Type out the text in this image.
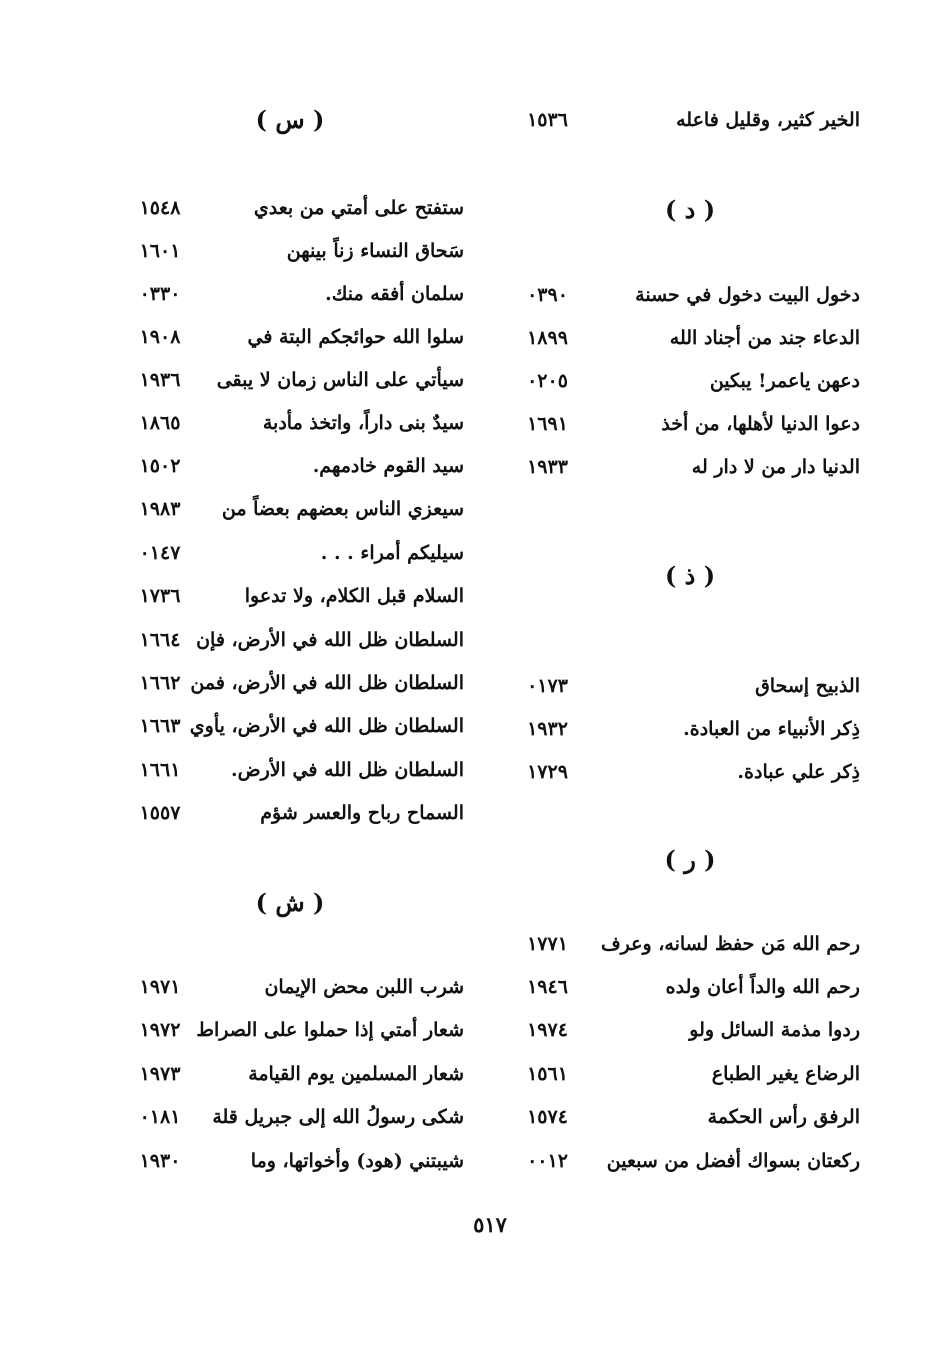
الخير كثير، وقليل فاعله
١٥٣٦
( د )
دخول البيت دخول في حسنة
٠٣٩٠
الدعاء جند من أجناد الله
١٨٩٩
دعهن ياعمر! يبكين
٠٢٠٥
دعوا الدنيا لأهلها، من أخذ
١٦٩١
الدنيا دار من لا دار له
١٩٣٣
( ذ )
الذبيح إسحاق
٠١٧٣
ذِكر الأنبياء من العبادة.
١٩٣٢
ذِكر علي عبادة.
١٧٢٩
( ر )
رحم الله مَن حفظ لسانه، وعرف
١٧٧١
رحم الله والداً أعان ولده
١٩٤٦
ردوا مذمة السائل ولو
١٩٧٤
الرضاع يغير الطباع
١٥٦١
الرفق رأس الحكمة
١٥٧٤
ركعتان بسواك أفضل من سبعين
٠٠١٢
( س )
ستفتح على أمتي من بعدي
١٥٤٨
سَحاق النساء زناً بينهن
١٦٠١
سلمان أفقه منك.
٠٣٣٠
سلوا الله حوائجكم البتة في
١٩٠٨
سيأتي على الناس زمان لا يبقى
١٩٣٦
سيدٌ بنى داراً، واتخذ مأدبة
١٨٦٥
سيد القوم خادمهم.
١٥٠٢
سيعزي الناس بعضهم بعضاً من
١٩٨٣
سيليكم أمراء . . .
٠١٤٧
السلام قبل الكلام، ولا تدعوا
١٧٣٦
السلطان ظل الله في الأرض، فإن
١٦٦٤
السلطان ظل الله في الأرض، فمن
١٦٦٢
السلطان ظل الله في الأرض، يأوي
١٦٦٣
السلطان ظل الله في الأرض.
١٦٦١
السماح رباح والعسر شؤم
١٥٥٧
( ش )
شرب اللبن محض الإيمان
١٩٧١
شعار أمتي إذا حملوا على الصراط
١٩٧٢
شعار المسلمين يوم القيامة
١٩٧٣
شكى رسولُ الله إلى جبريل قلة
٠١٨١
شيبتني (هود) وأخواتها، وما
١٩٣٠
٥١٧
